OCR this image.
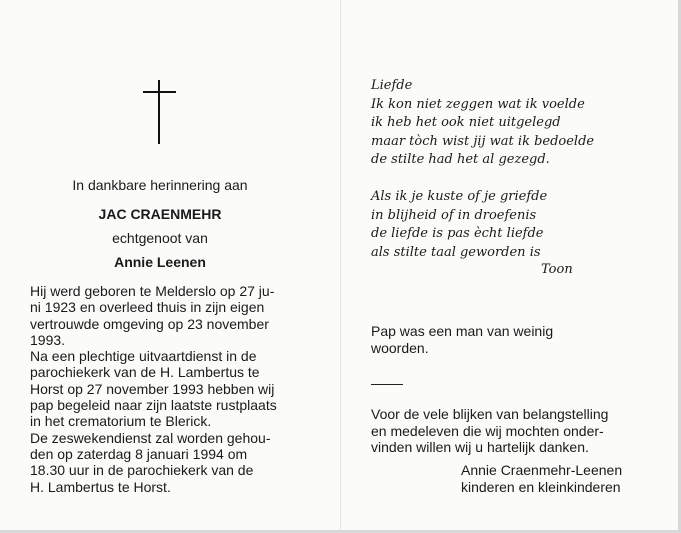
In dankbare herinnering aan
JAC CRAENMEHR
echtgenoot van
Annie Leenen
Hij werd geboren te Melderslo op 27 ju-
ni 1923 en overleed thuis in zijn eigen
vertrouwde omgeving op 23 november
1993.
Na een plechtige uitvaartdienst in de
parochiekerk van de H. Lambertus te
Horst op 27 november 1993 hebben wij
pap begeleid naar zijn laatste rustplaats
in het crematorium te Blerick.
De zeswekendienst zal worden gehou-
den op zaterdag 8 januari 1994 om
18.30 uur in de parochiekerk van de
H. Lambertus te Horst.
Liefde
Ik kon niet zeggen wat ik voelde
ik heb het ook niet uitgelegd
maar tòch wist jij wat ik bedoelde
de stilte had het al gezegd.
Als ik je kuste of je griefde
in blijheid of in droefenis
de liefde is pas ècht liefde
als stilte taal geworden is
Toon
Pap was een man van weinig
woorden.
Voor de vele blijken van belangstelling
en medeleven die wij mochten onder-
vinden willen wij u hartelijk danken.
Annie Craenmehr-Leenen
kinderen en kleinkinderen
